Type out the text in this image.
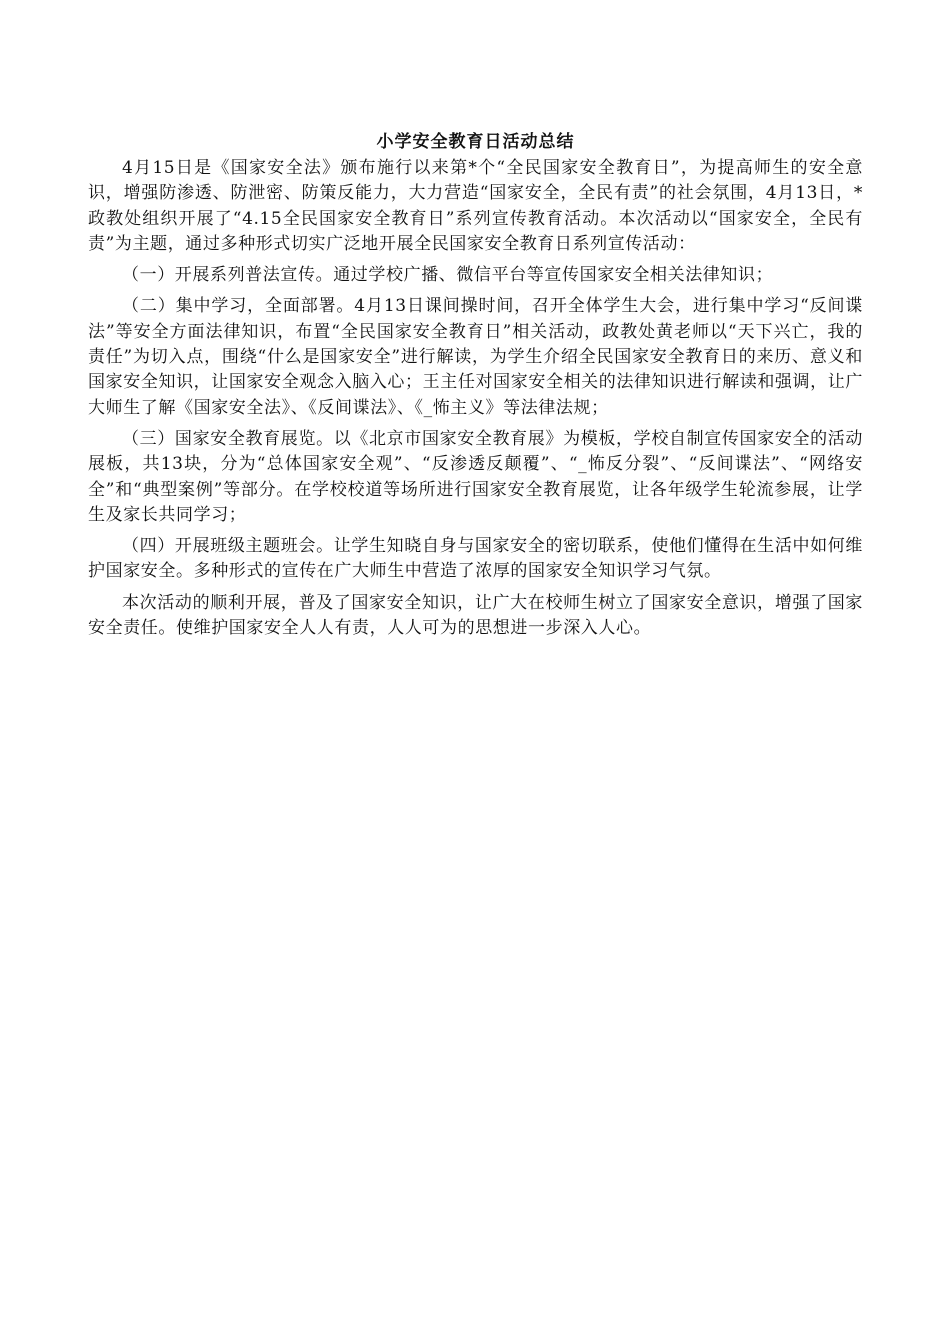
小学安全教育日活动总结

4月15日是《国家安全法》颁布施行以来第*个“全民国家安全教育日”，为提高师生的安全意识，增强防渗透、防泄密、防策反能力，大力营造“国家安全，全民有责”的社会氛围，4月13日，*政教处组织开展了“4.15全民国家安全教育日”系列宣传教育活动。本次活动以“国家安全，全民有责”为主题，通过多种形式切实广泛地开展全民国家安全教育日系列宣传活动：

（一）开展系列普法宣传。通过学校广播、微信平台等宣传国家安全相关法律知识；

（二）集中学习，全面部署。4月13日课间操时间，召开全体学生大会，进行集中学习“反间谍法”等安全方面法律知识，布置“全民国家安全教育日”相关活动，政教处黄老师以“天下兴亡，我的责任”为切入点，围绕“什么是国家安全”进行解读，为学生介绍全民国家安全教育日的来历、意义和国家安全知识，让国家安全观念入脑入心；王主任对国家安全相关的法律知识进行解读和强调，让广大师生了解《国家安全法》、《反间谍法》、《_怖主义》等法律法规；

（三）国家安全教育展览。以《北京市国家安全教育展》为模板，学校自制宣传国家安全的活动展板，共13块，分为“总体国家安全观”、“反渗透反颠覆”、“_怖反分裂”、“反间谍法”、“网络安全”和“典型案例”等部分。在学校校道等场所进行国家安全教育展览，让各年级学生轮流参展，让学生及家长共同学习；

（四）开展班级主题班会。让学生知晓自身与国家安全的密切联系，使他们懂得在生活中如何维护国家安全。多种形式的宣传在广大师生中营造了浓厚的国家安全知识学习气氛。

本次活动的顺利开展，普及了国家安全知识，让广大在校师生树立了国家安全意识，增强了国家安全责任。使维护国家安全人人有责，人人可为的思想进一步深入人心。
